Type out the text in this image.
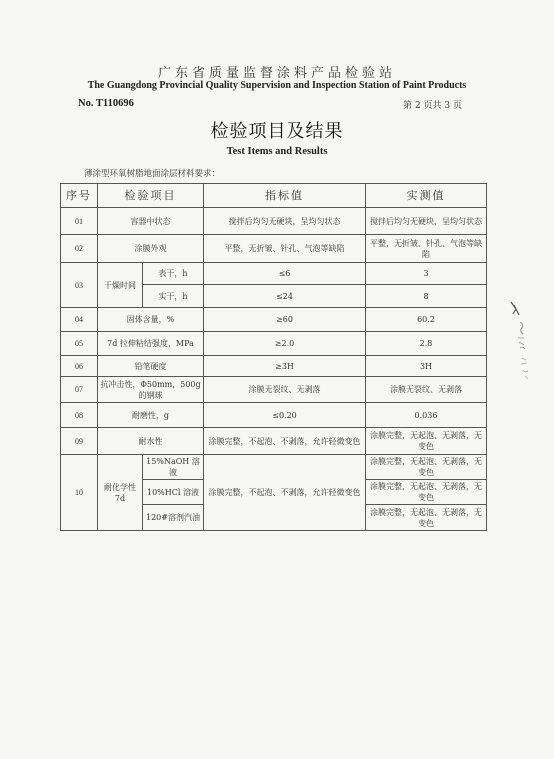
广东省质量监督涂料产品检验站
The Guangdong Provincial Quality Supervision and Inspection Station of Paint Products
No. T110696	第 2 页共 3 页
检验项目及结果
Test Items and Results
薄涂型环氧树脂地面涂层材料要求：
序号	检验项目		指标值	实测值
01	容器中状态		搅拌后均匀无硬块，呈均匀状态	搅拌后均匀无硬块，呈均匀状态
02	涂膜外观		平整，无折皱、针孔、气泡等缺陷	平整，无折皱、针孔、气泡等缺陷
03	干燥时间	表干，h	≤6	3
		实干，h	≤24	8
04	固体含量，%		≥60	60.2
05	7d 拉伸粘结强度，MPa		≥2.0	2.8
06	铅笔硬度		≥3H	3H
07	抗冲击性，Φ50mm，500g 的钢球		涂膜无裂纹、无剥落	涂膜无裂纹、无剥落
08	耐磨性，g		≤0.20	0.036
09	耐水性		涂膜完整，不起泡、不剥落，允许轻微变色	涂膜完整，无起泡、无剥落，无变色
10	耐化学性 7d	15%NaOH 溶液	涂膜完整，不起泡、不剥落，允许轻微变色	涂膜完整，无起泡、无剥落，无变色
		10%HCl 溶液		涂膜完整，无起泡、无剥落，无变色
		120#溶剂汽油		涂膜完整，无起泡、无剥落，无变色
